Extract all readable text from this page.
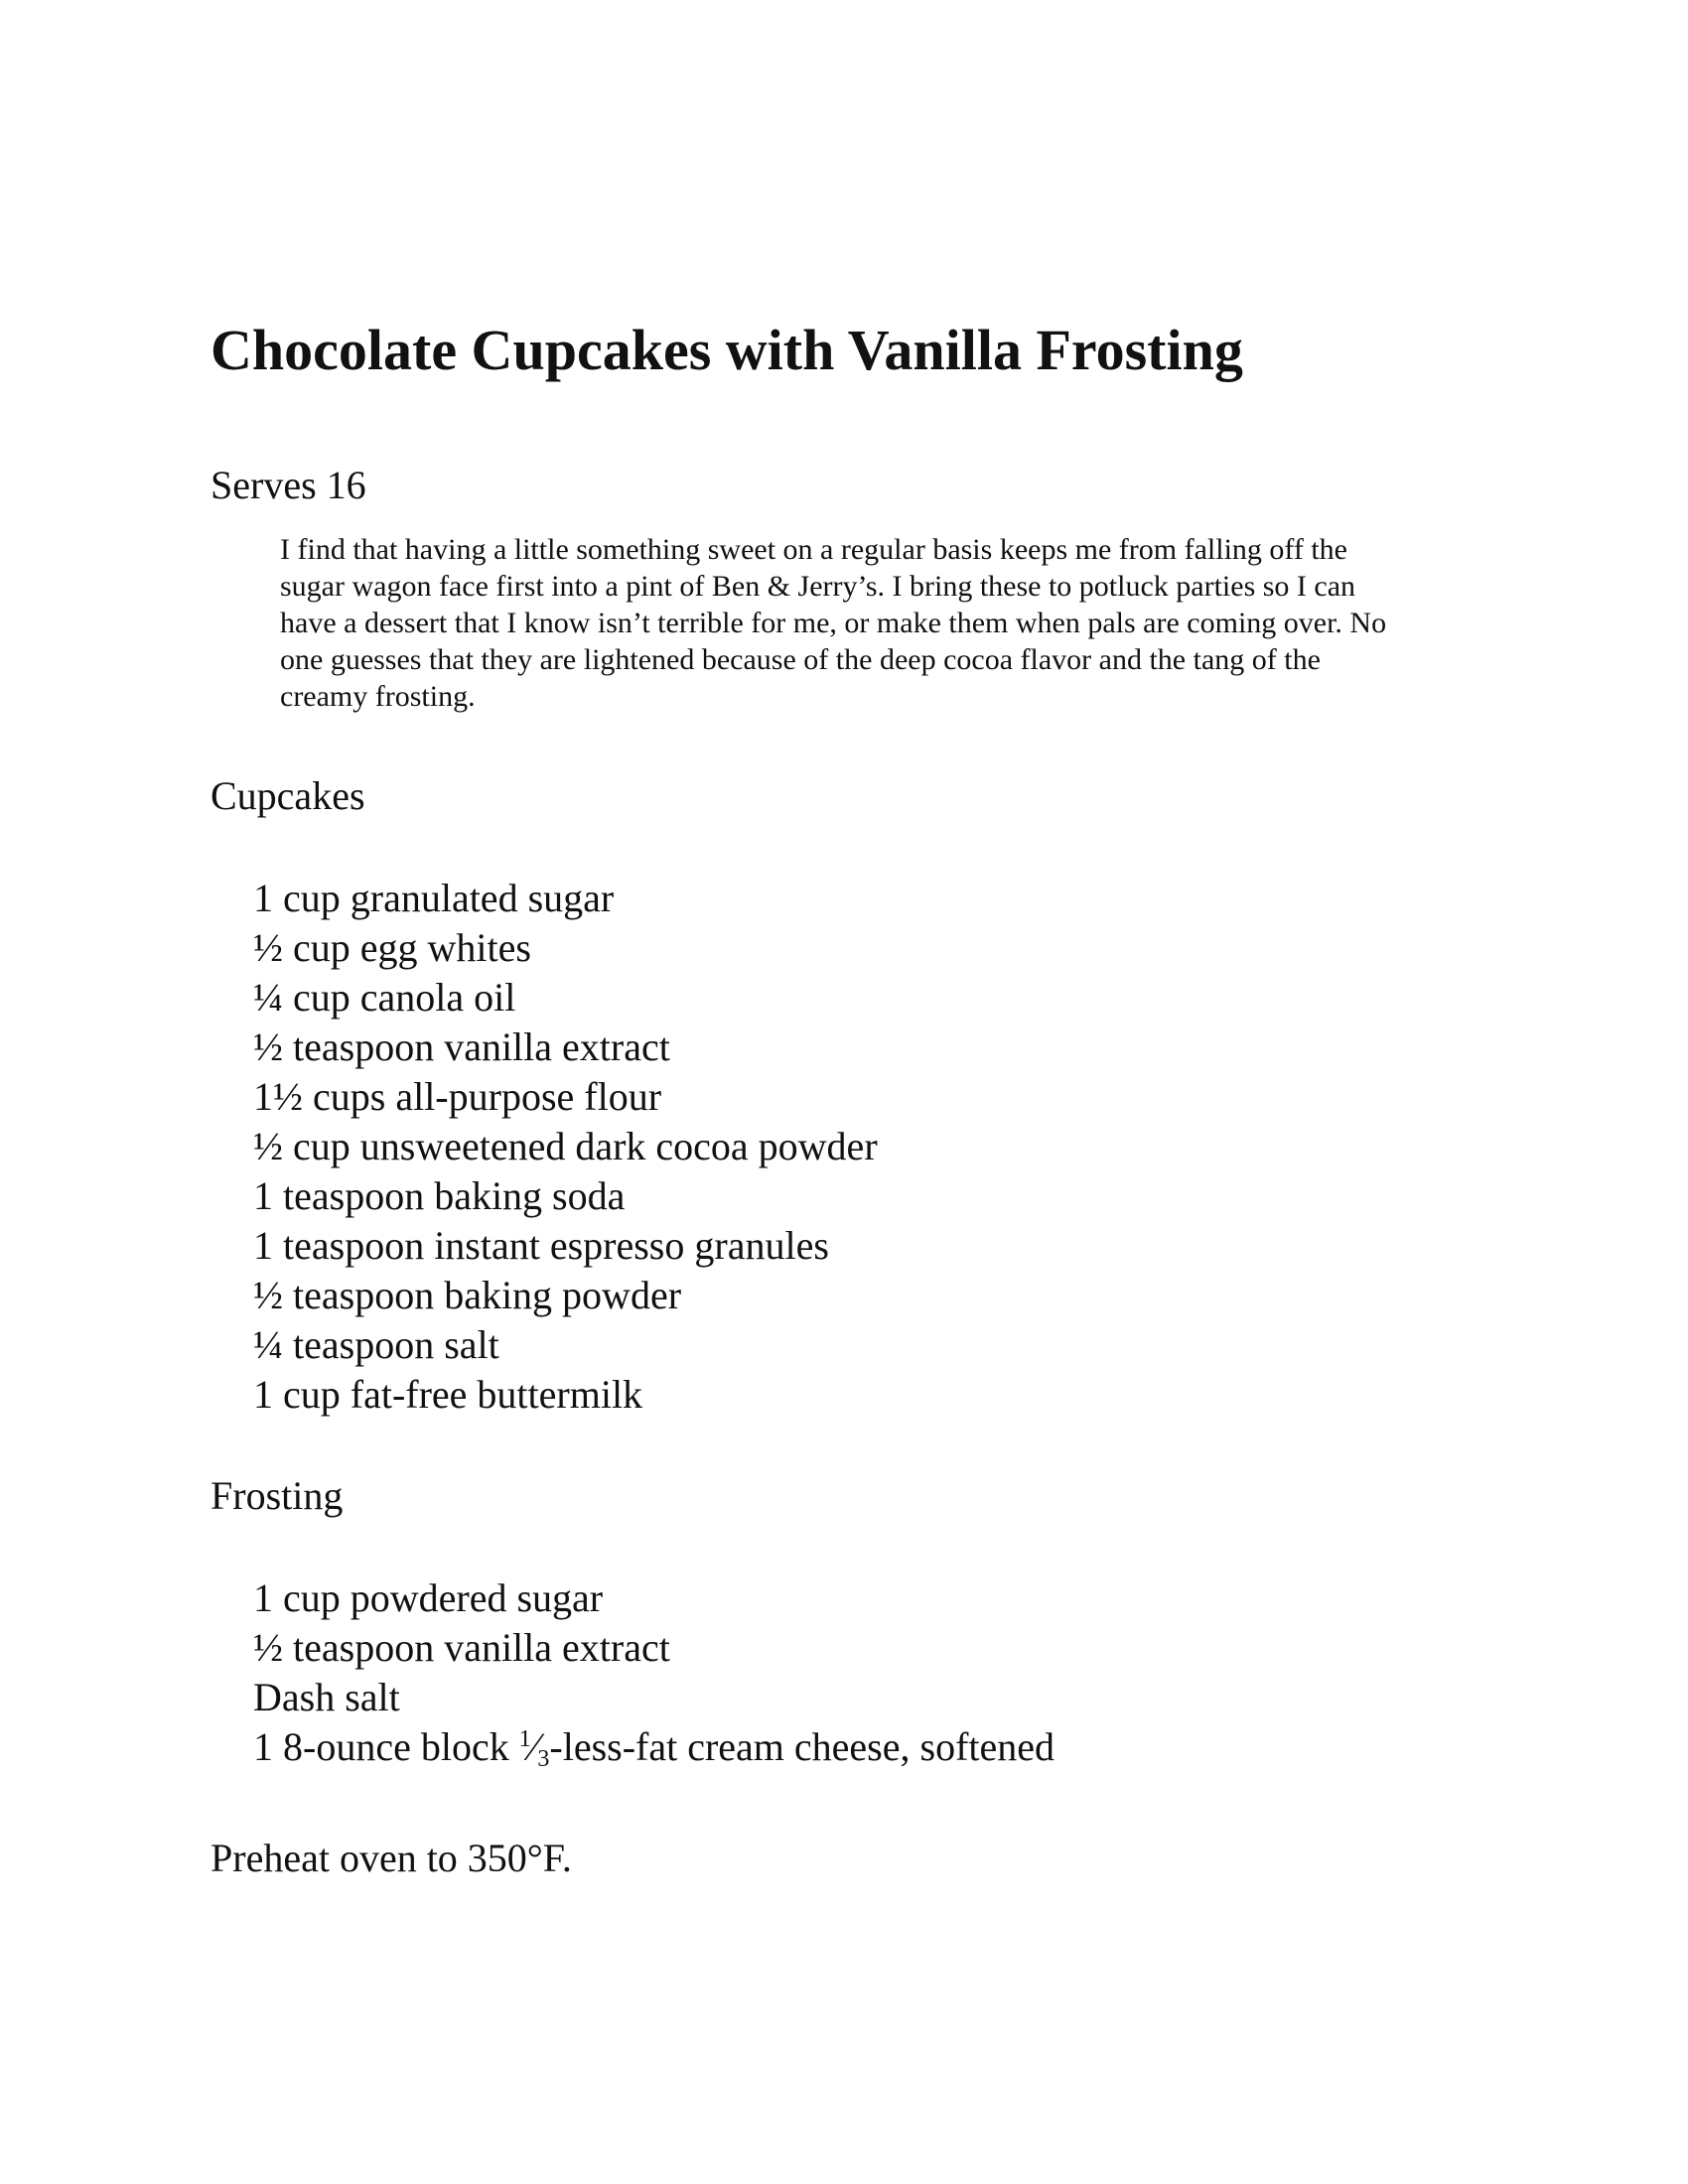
Chocolate Cupcakes with Vanilla Frosting
Serves 16

I find that having a little something sweet on a regular basis keeps me from falling off the sugar wagon face first into a pint of Ben & Jerry’s. I bring these to potluck parties so I can have a dessert that I know isn’t terrible for me, or make them when pals are coming over. No one guesses that they are lightened because of the deep cocoa flavor and the tang of the creamy frosting.

Cupcakes
1 cup granulated sugar
½ cup egg whites
¼ cup canola oil
½ teaspoon vanilla extract
1½ cups all-purpose flour
½ cup unsweetened dark cocoa powder
1 teaspoon baking soda
1 teaspoon instant espresso granules
½ teaspoon baking powder
¼ teaspoon salt
1 cup fat-free buttermilk
Frosting
1 cup powdered sugar
½ teaspoon vanilla extract
Dash salt
1 8-ounce block 1⁄3-less-fat cream cheese, softened
Preheat oven to 350°F.
